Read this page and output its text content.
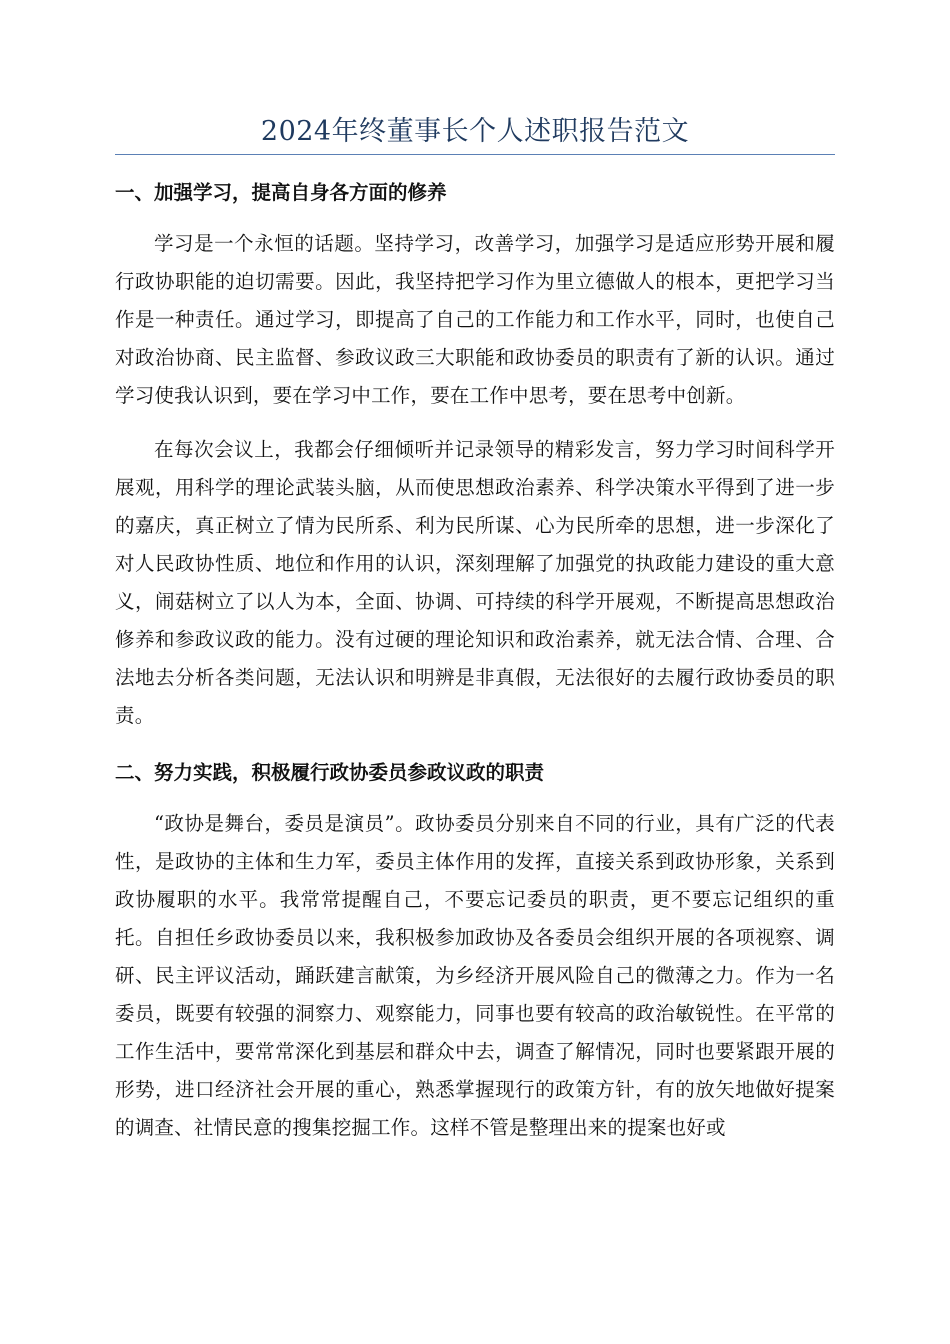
2024年终董事长个人述职报告范文
一、加强学习，提高自身各方面的修养

学习是一个永恒的话题。坚持学习，改善学习，加强学习是适应形势开展和履行政协职能的迫切需要。因此，我坚持把学习作为里立德做人的根本，更把学习当作是一种责任。通过学习，即提高了自己的工作能力和工作水平，同时，也使自己对政治协商、民主监督、参政议政三大职能和政协委员的职责有了新的认识。通过学习使我认识到，要在学习中工作，要在工作中思考，要在思考中创新。

在每次会议上，我都会仔细倾听并记录领导的精彩发言，努力学习时间科学开展观，用科学的理论武装头脑，从而使思想政治素养、科学决策水平得到了进一步的嘉庆，真正树立了情为民所系、利为民所谋、心为民所牵的思想，进一步深化了对人民政协性质、地位和作用的认识，深刻理解了加强党的执政能力建设的重大意义，闹菇树立了以人为本，全面、协调、可持续的科学开展观，不断提高思想政治修养和参政议政的能力。没有过硬的理论知识和政治素养，就无法合情、合理、合法地去分析各类问题，无法认识和明辨是非真假，无法很好的去履行政协委员的职责。

二、努力实践，积极履行政协委员参政议政的职责

“政协是舞台，委员是演员”。政协委员分别来自不同的行业，具有广泛的代表性，是政协的主体和生力军，委员主体作用的发挥，直接关系到政协形象，关系到政协履职的水平。我常常提醒自己，不要忘记委员的职责，更不要忘记组织的重托。自担任乡政协委员以来，我积极参加政协及各委员会组织开展的各项视察、调研、民主评议活动，踊跃建言献策，为乡经济开展风险自己的微薄之力。作为一名委员，既要有较强的洞察力、观察能力，同事也要有较高的政治敏锐性。在平常的工作生活中，要常常深化到基层和群众中去，调查了解情况，同时也要紧跟开展的形势，进口经济社会开展的重心，熟悉掌握现行的政策方针，有的放矢地做好提案的调查、社情民意的搜集挖掘工作。这样不管是整理出来的提案也好或
